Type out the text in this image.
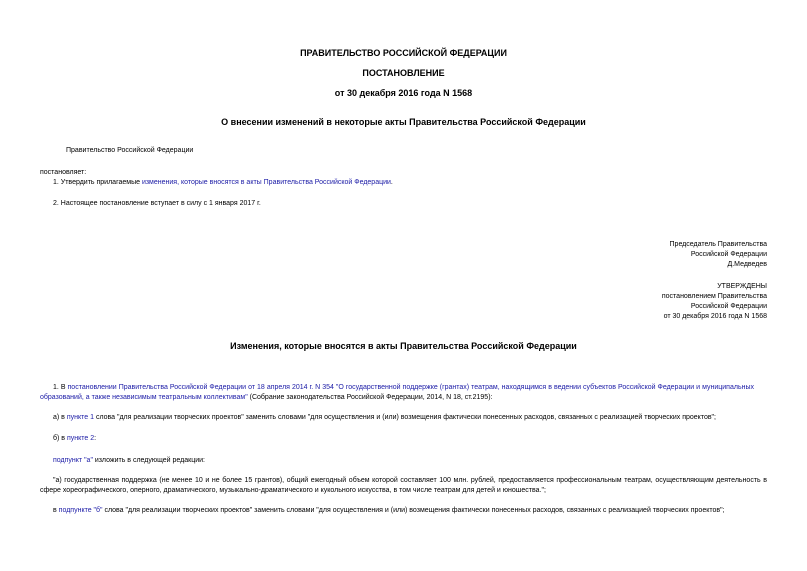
ПРАВИТЕЛЬСТВО РОССИЙСКОЙ ФЕДЕРАЦИИ
ПОСТАНОВЛЕНИЕ
от 30 декабря 2016 года N 1568
О внесении изменений в некоторые акты Правительства Российской Федерации
Правительство Российской Федерации
постановляет:
1. Утвердить прилагаемые изменения, которые вносятся в акты Правительства Российской Федерации.
2. Настоящее постановление вступает в силу с 1 января 2017 г.
Председатель Правительства
Российской Федерации
Д.Медведев
УТВЕРЖДЕНЫ
постановлением Правительства
Российской Федерации
от 30 декабря 2016 года N 1568
Изменения, которые вносятся в акты Правительства Российской Федерации
1. В постановлении Правительства Российской Федерации от 18 апреля 2014 г. N 354 "О государственной поддержке (грантах) театрам, находящимся в ведении субъектов Российской Федерации и муниципальных образований, а также независимым театральным коллективам" (Собрание законодательства Российской Федерации, 2014, N 18, ст.2195):
а) в пункте 1 слова "для реализации творческих проектов" заменить словами "для осуществления и (или) возмещения фактически понесенных расходов, связанных с реализацией творческих проектов";
б) в пункте 2:
подпункт "а" изложить в следующей редакции:
"а) государственная поддержка (не менее 10 и не более 15 грантов), общий ежегодный объем которой составляет 100 млн. рублей, предоставляется профессиональным театрам, осуществляющим деятельность в сфере хореографического, оперного, драматического, музыкально-драматического и кукольного искусства, в том числе театрам для детей и юношества.";
в подпункте "б" слова "для реализации творческих проектов" заменить словами "для осуществления и (или) возмещения фактически понесенных расходов, связанных с реализацией творческих проектов";
